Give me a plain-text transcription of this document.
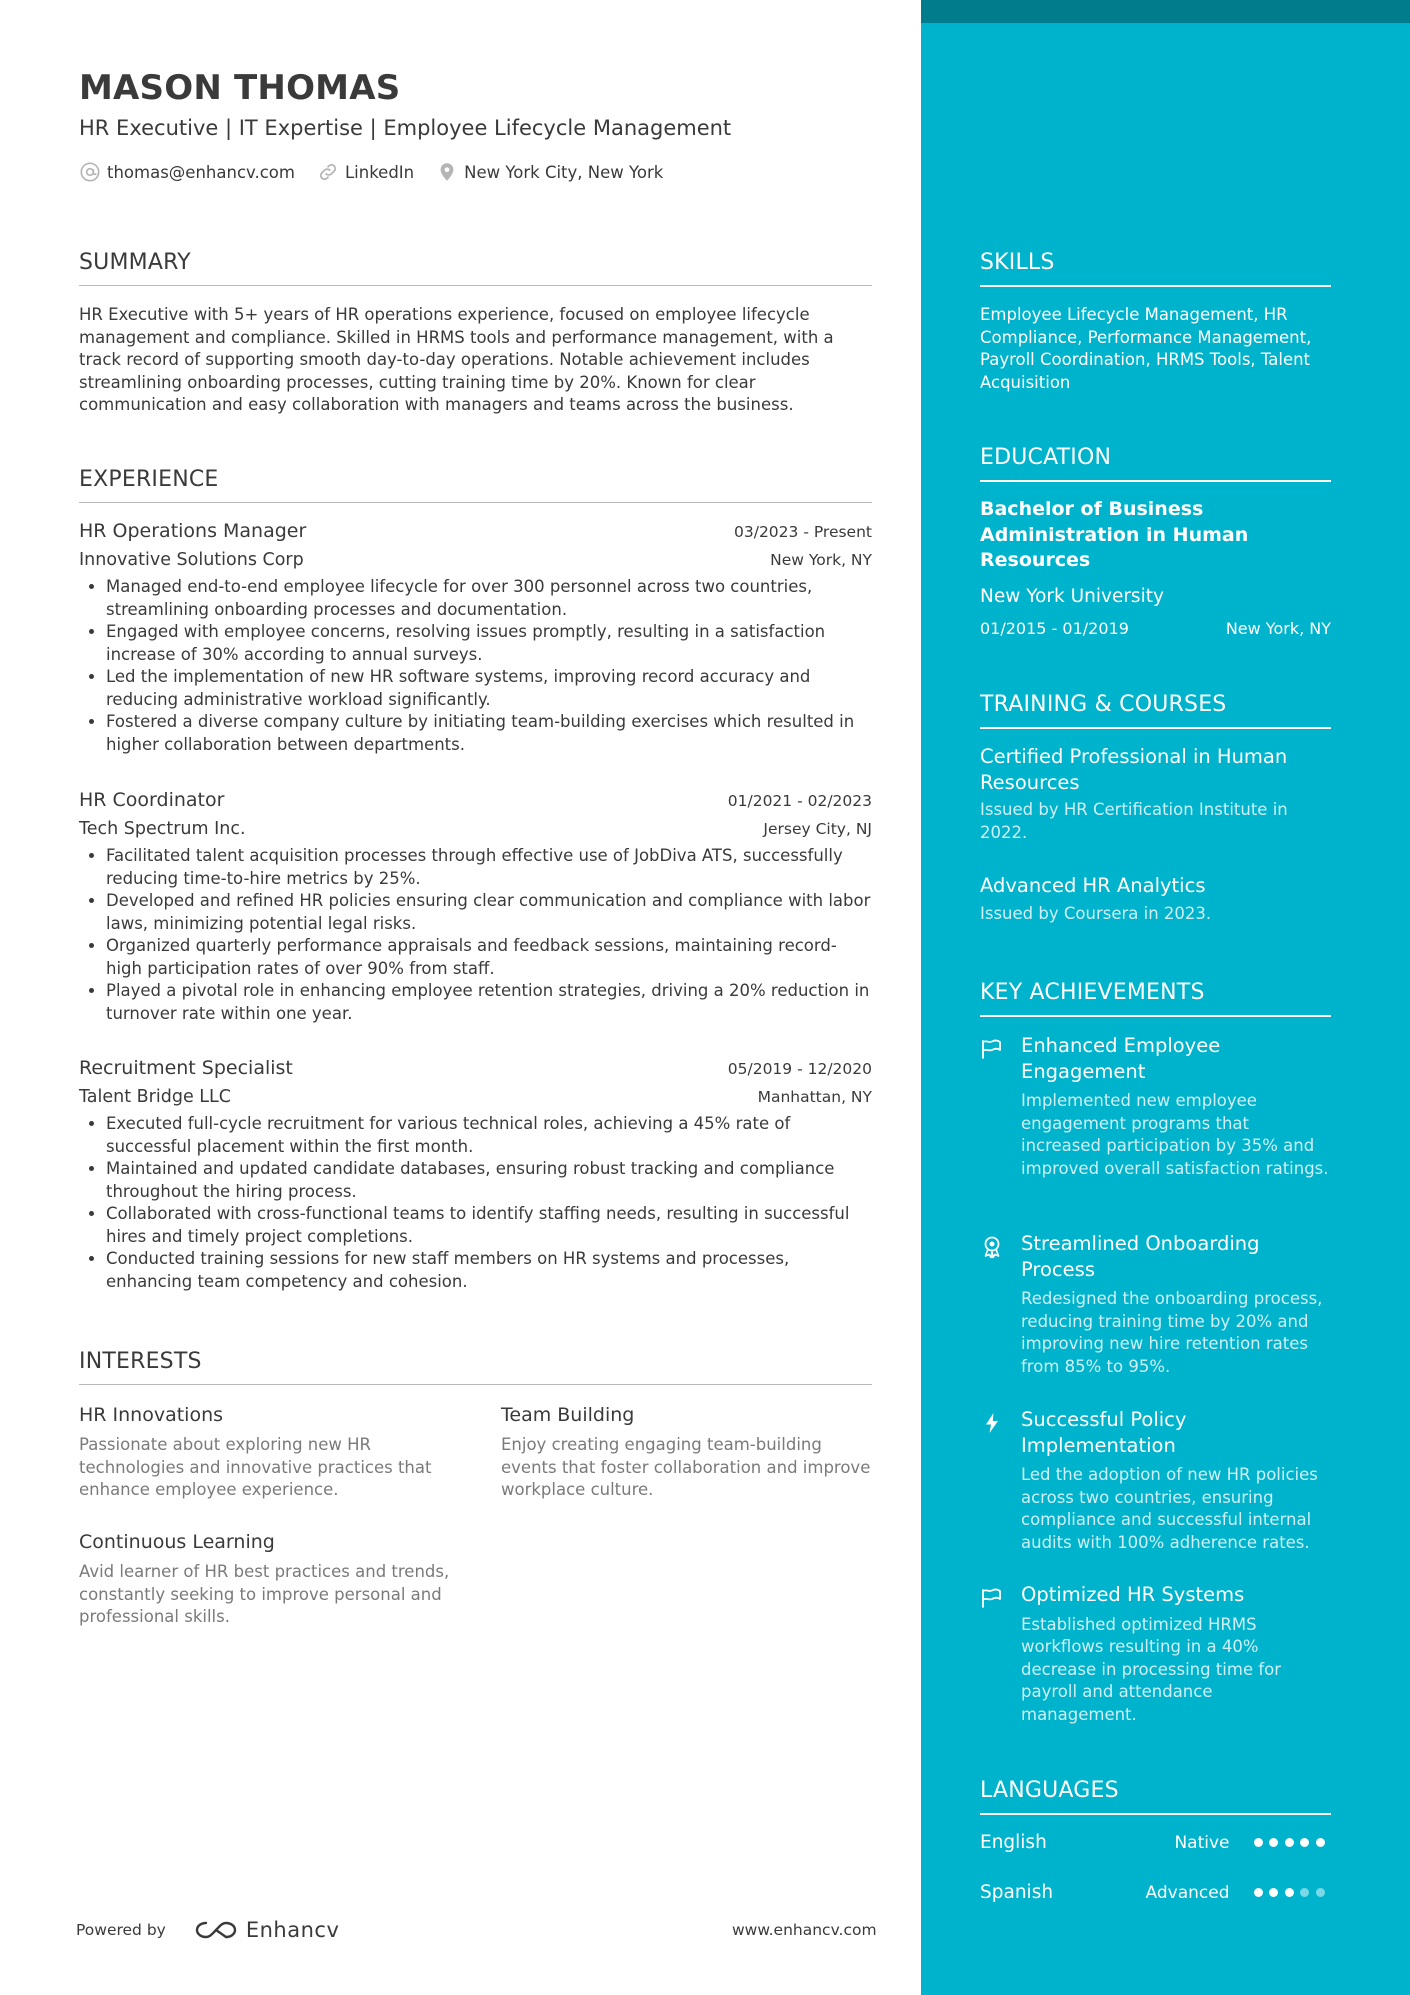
MASON THOMAS
HR Executive | IT Expertise | Employee Lifecycle Management
thomas@enhancv.com	LinkedIn	New York City, New York
SUMMARY
HR Executive with 5+ years of HR operations experience, focused on employee lifecycle management and compliance. Skilled in HRMS tools and performance management, with a track record of supporting smooth day-to-day operations. Notable achievement includes streamlining onboarding processes, cutting training time by 20%. Known for clear communication and easy collaboration with managers and teams across the business.
EXPERIENCE
HR Operations Manager	03/2023 - Present
Innovative Solutions Corp	New York, NY
• Managed end-to-end employee lifecycle for over 300 personnel across two countries, streamlining onboarding processes and documentation.
• Engaged with employee concerns, resolving issues promptly, resulting in a satisfaction increase of 30% according to annual surveys.
• Led the implementation of new HR software systems, improving record accuracy and reducing administrative workload significantly.
• Fostered a diverse company culture by initiating team-building exercises which resulted in higher collaboration between departments.
HR Coordinator	01/2021 - 02/2023
Tech Spectrum Inc.	Jersey City, NJ
• Facilitated talent acquisition processes through effective use of JobDiva ATS, successfully reducing time-to-hire metrics by 25%.
• Developed and refined HR policies ensuring clear communication and compliance with labor laws, minimizing potential legal risks.
• Organized quarterly performance appraisals and feedback sessions, maintaining record-high participation rates of over 90% from staff.
• Played a pivotal role in enhancing employee retention strategies, driving a 20% reduction in turnover rate within one year.
Recruitment Specialist	05/2019 - 12/2020
Talent Bridge LLC	Manhattan, NY
• Executed full-cycle recruitment for various technical roles, achieving a 45% rate of successful placement within the first month.
• Maintained and updated candidate databases, ensuring robust tracking and compliance throughout the hiring process.
• Collaborated with cross-functional teams to identify staffing needs, resulting in successful hires and timely project completions.
• Conducted training sessions for new staff members on HR systems and processes, enhancing team competency and cohesion.
INTERESTS
HR Innovations
Passionate about exploring new HR technologies and innovative practices that enhance employee experience.
Team Building
Enjoy creating engaging team-building events that foster collaboration and improve workplace culture.
Continuous Learning
Avid learner of HR best practices and trends, constantly seeking to improve personal and professional skills.
Powered by	Enhancv	www.enhancv.com
SKILLS
Employee Lifecycle Management, HR Compliance, Performance Management, Payroll Coordination, HRMS Tools, Talent Acquisition
EDUCATION
Bachelor of Business Administration in Human Resources
New York University
01/2015 - 01/2019	New York, NY
TRAINING & COURSES
Certified Professional in Human Resources
Issued by HR Certification Institute in 2022.
Advanced HR Analytics
Issued by Coursera in 2023.
KEY ACHIEVEMENTS
Enhanced Employee Engagement
Implemented new employee engagement programs that increased participation by 35% and improved overall satisfaction ratings.
Streamlined Onboarding Process
Redesigned the onboarding process, reducing training time by 20% and improving new hire retention rates from 85% to 95%.
Successful Policy Implementation
Led the adoption of new HR policies across two countries, ensuring compliance and successful internal audits with 100% adherence rates.
Optimized HR Systems
Established optimized HRMS workflows resulting in a 40% decrease in processing time for payroll and attendance management.
LANGUAGES
English	Native
Spanish	Advanced
